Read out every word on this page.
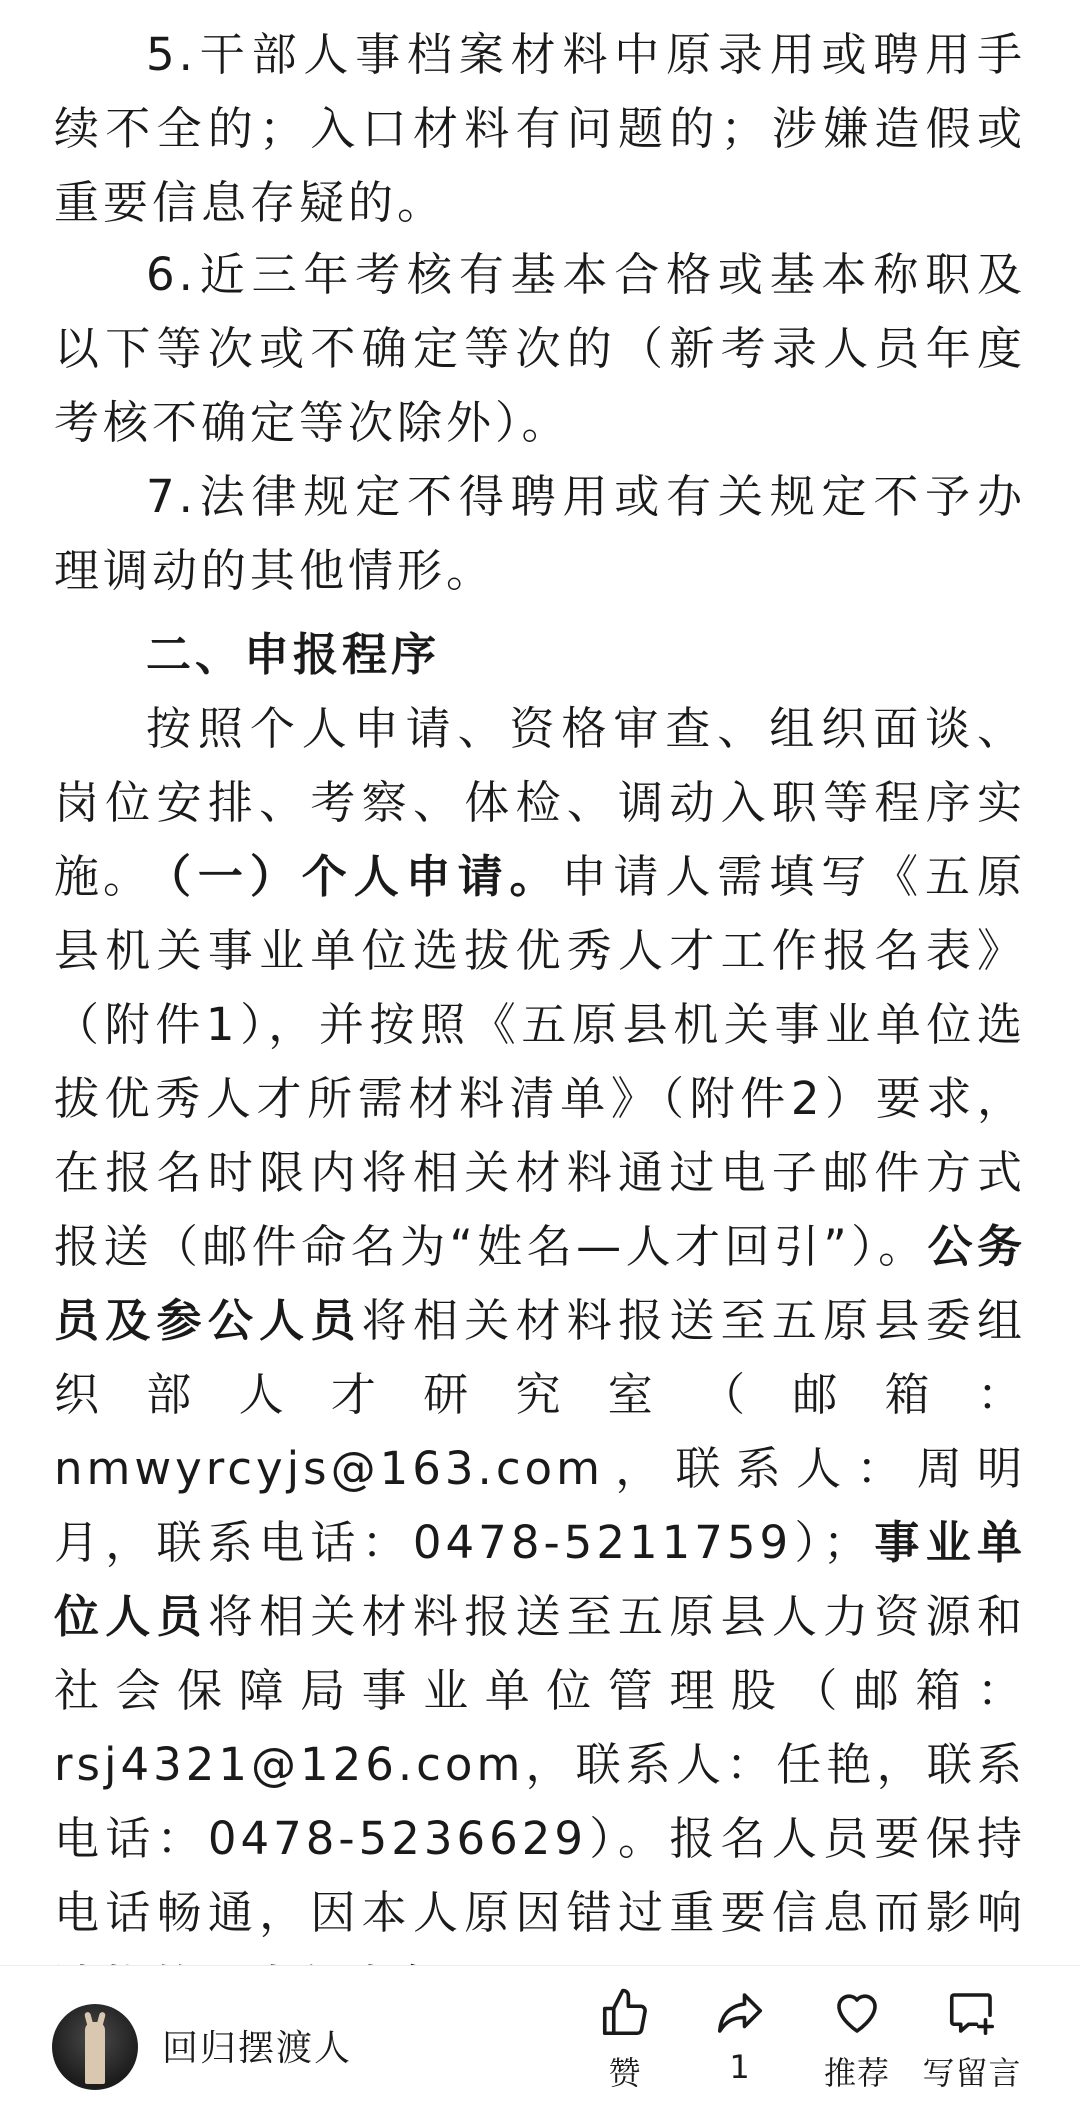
5.干部人事档案材料中原录用或聘用手续不全的；入口材料有问题的；涉嫌造假或重要信息存疑的。

6.近三年考核有基本合格或基本称职及以下等次或不确定等次的（新考录人员年度考核不确定等次除外）。

7.法律规定不得聘用或有关规定不予办理调动的其他情形。

二、申报程序

按照个人申请、资格审查、组织面谈、岗位安排、考察、体检、调动入职等程序实施。

（一）个人申请。申请人需填写《五原县机关事业单位选拔优秀人才工作报名表》（附件1），并按照《五原县机关事业单位选拔优秀人才所需材料清单》（附件2）要求，在报名时限内将相关材料通过电子邮件方式报送（邮件命名为“姓名—人才回引”）。公务员及参公人员将相关材料报送至五原县委组织部人才研究室（邮箱：nmwyrcyjs@163.com，联系人：周明月，联系电话：0478-5211759）；事业单位人员将相关材料报送至五原县人力资源和社会保障局事业单位管理股（邮箱：rsj4321@126.com，联系人：任艳，联系电话：0478-5236629）。报名人员要保持电话畅通，因本人原因错过重要信息而影响

回归摆渡人
赞	1	推荐	写留言
